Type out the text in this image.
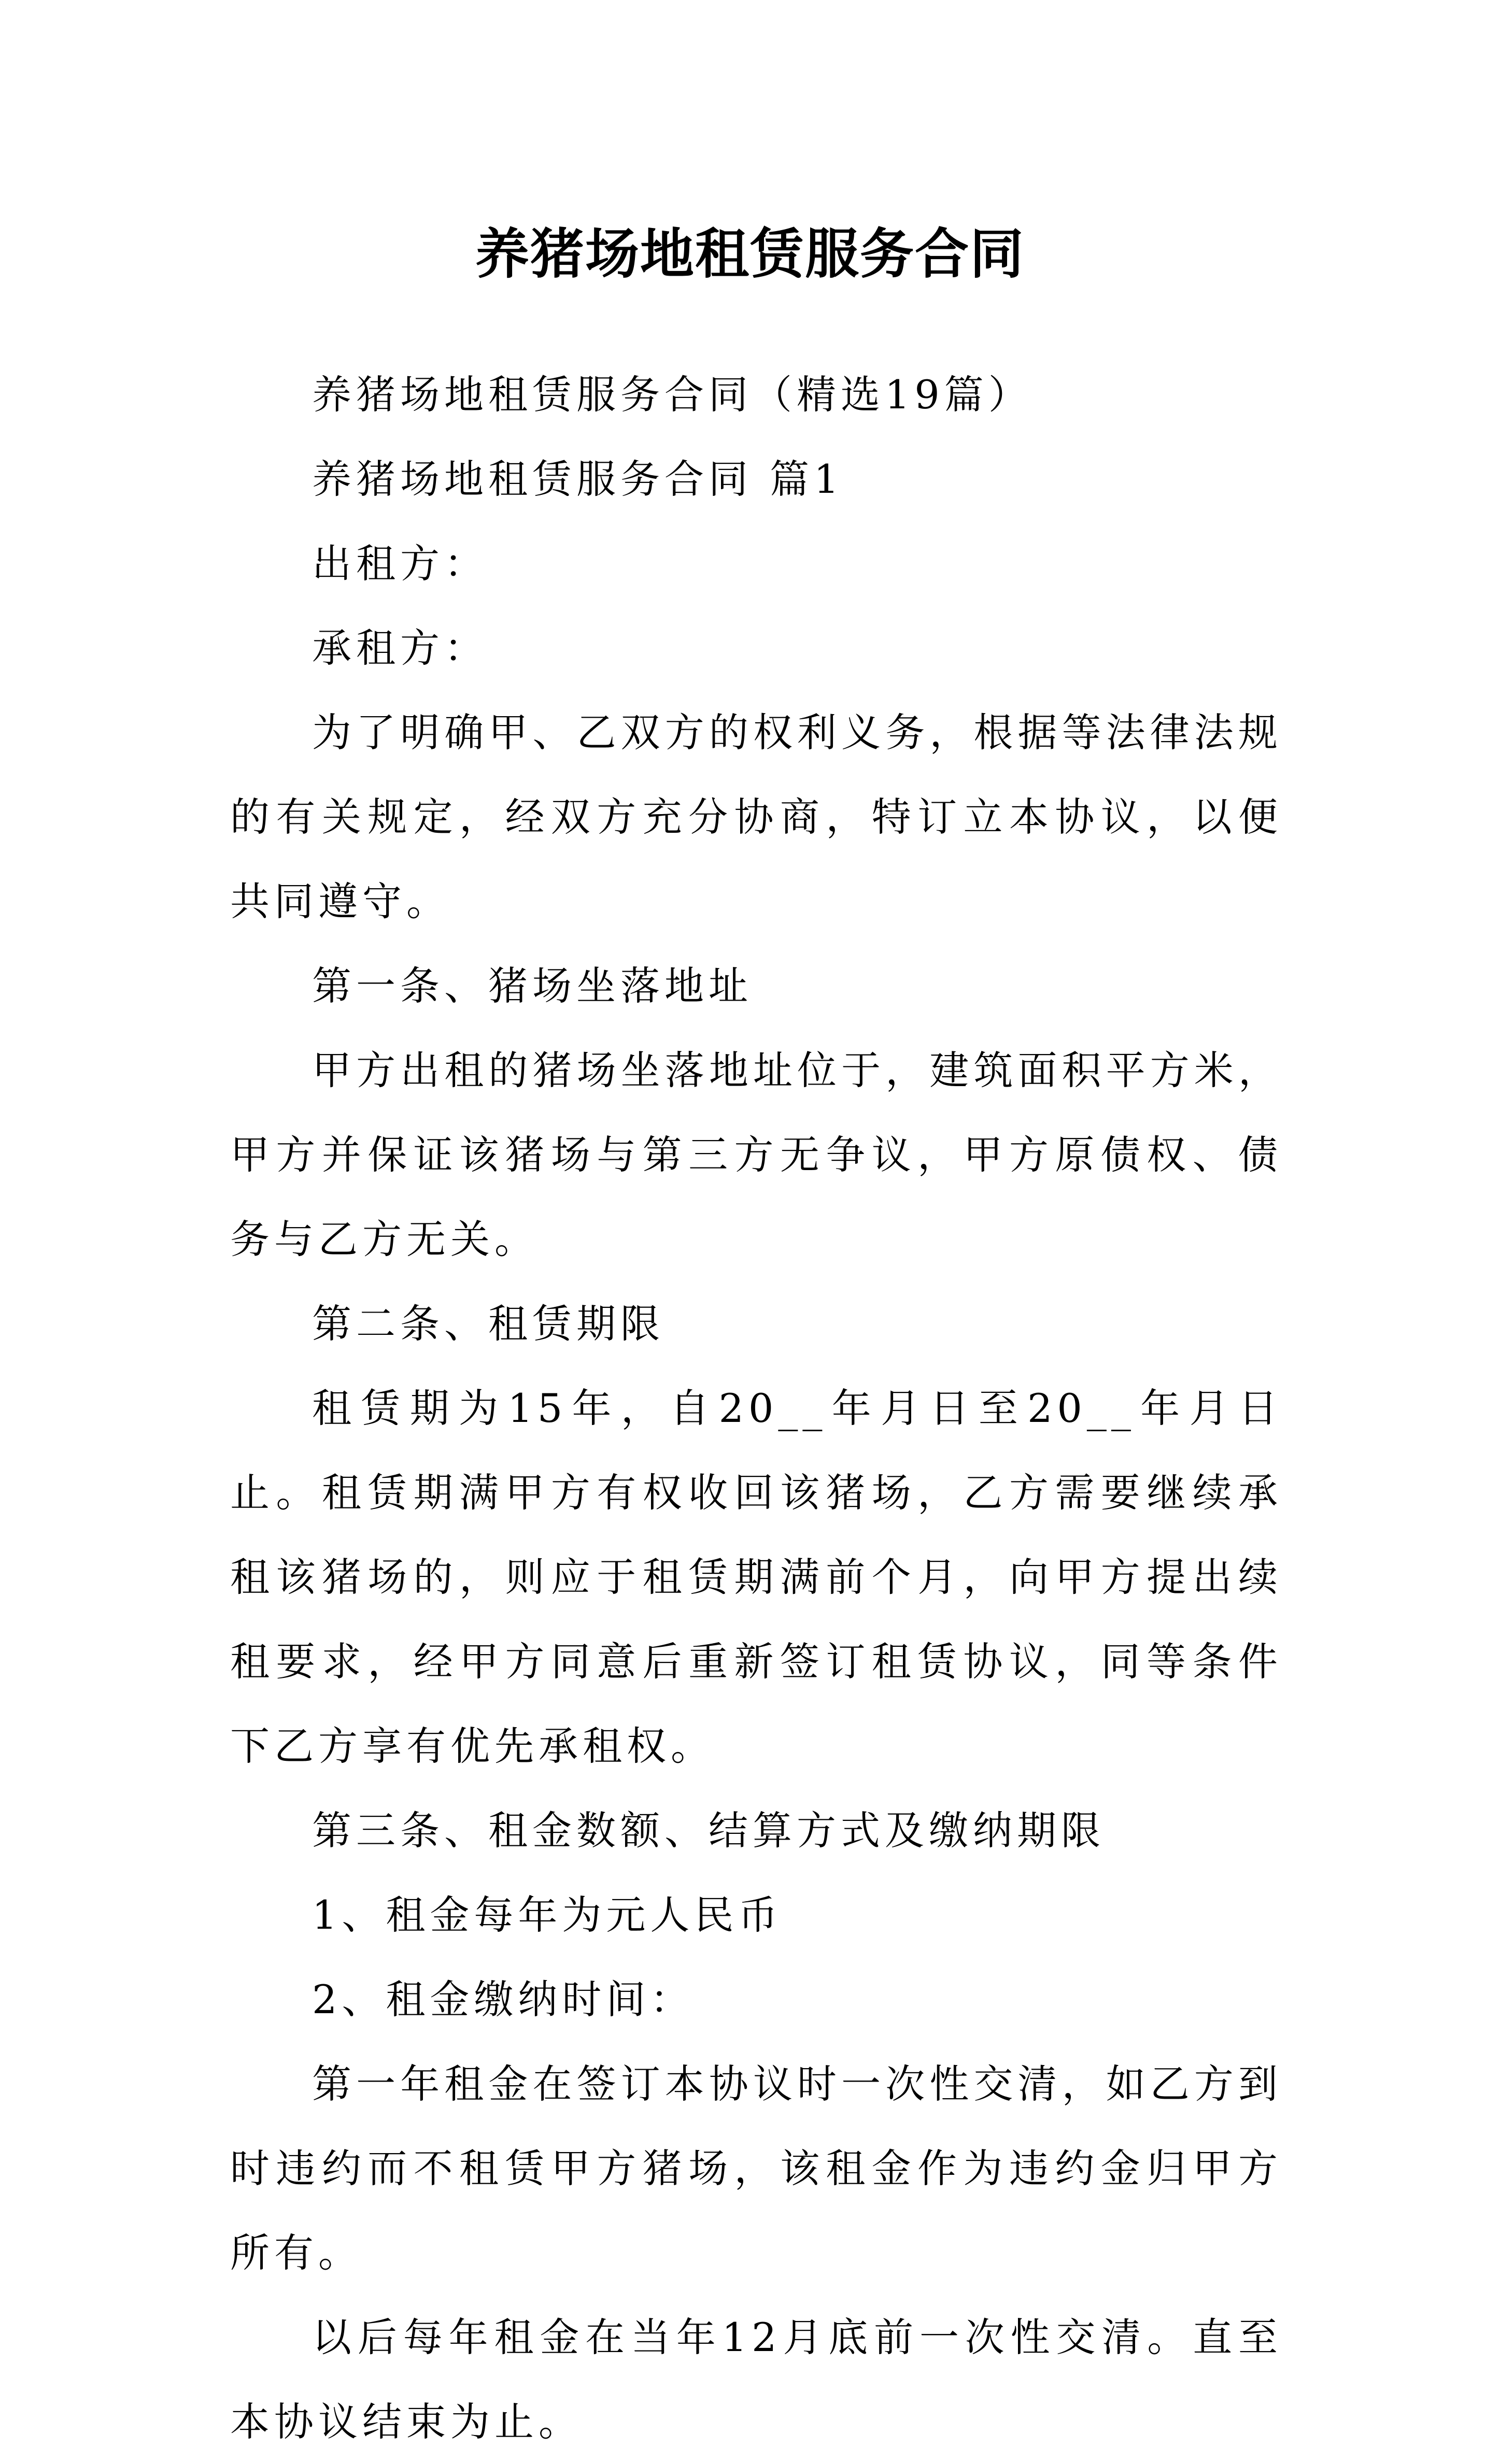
养猪场地租赁服务合同

养猪场地租赁服务合同（精选19篇）

养猪场地租赁服务合同 篇1

出租方：

承租方：

为了明确甲、乙双方的权利义务，根据等法律法规的有关规定，经双方充分协商，特订立本协议，以便共同遵守。

第一条、猪场坐落地址

甲方出租的猪场坐落地址位于，建筑面积平方米，甲方并保证该猪场与第三方无争议，甲方原债权、债务与乙方无关。

第二条、租赁期限

租赁期为15年，自20__年月日至20__年月日止。租赁期满甲方有权收回该猪场，乙方需要继续承租该猪场的，则应于租赁期满前个月，向甲方提出续租要求，经甲方同意后重新签订租赁协议，同等条件下乙方享有优先承租权。

第三条、租金数额、结算方式及缴纳期限

1、租金每年为元人民币

2、租金缴纳时间：

第一年租金在签订本协议时一次性交清，如乙方到时违约而不租赁甲方猪场，该租金作为违约金归甲方所有。

以后每年租金在当年12月底前一次性交清。直至本协议结束为止。
